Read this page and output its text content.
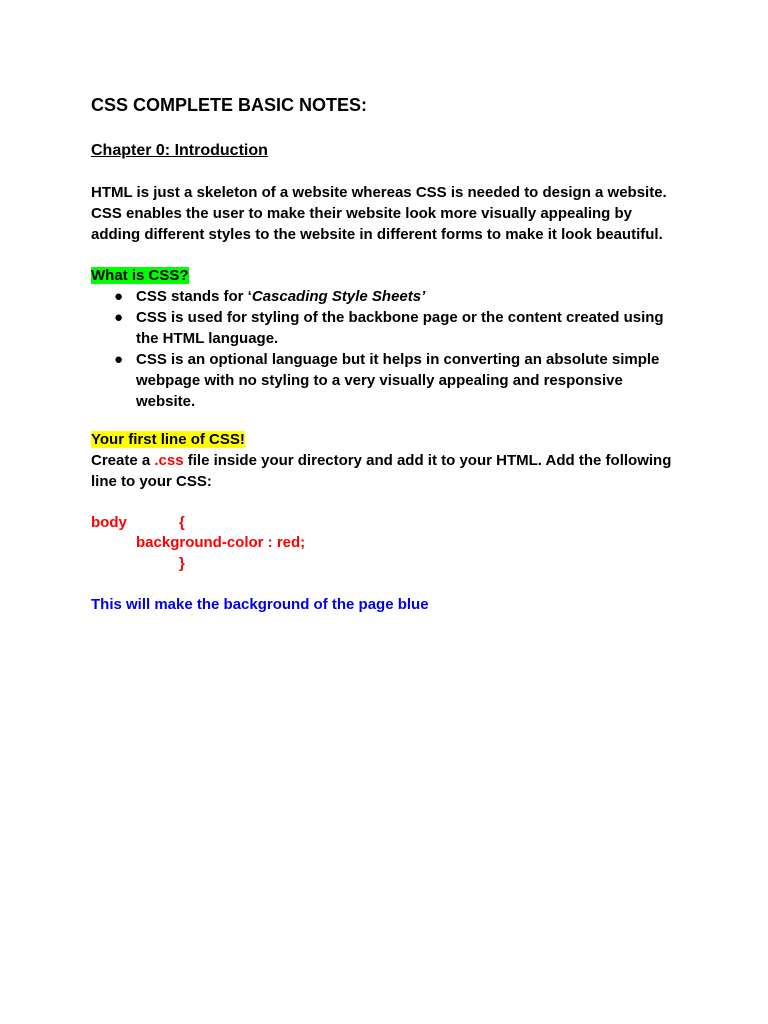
CSS COMPLETE BASIC NOTES:
Chapter 0: Introduction
HTML is just a skeleton of a website whereas CSS is needed to design a website.
CSS enables the user to make their website look more visually appealing by
adding different styles to the website in different forms to make it look beautiful.
What is CSS?
● CSS stands for ‘Cascading Style Sheets’
● CSS is used for styling of the backbone page or the content created using
the HTML language.
● CSS is an optional language but it helps in converting an absolute simple
webpage with no styling to a very visually appealing and responsive
website.
Your first line of CSS!
Create a .css file inside your directory and add it to your HTML. Add the following
line to your CSS:
body	{
background-color : red;
}
This will make the background of the page blue
